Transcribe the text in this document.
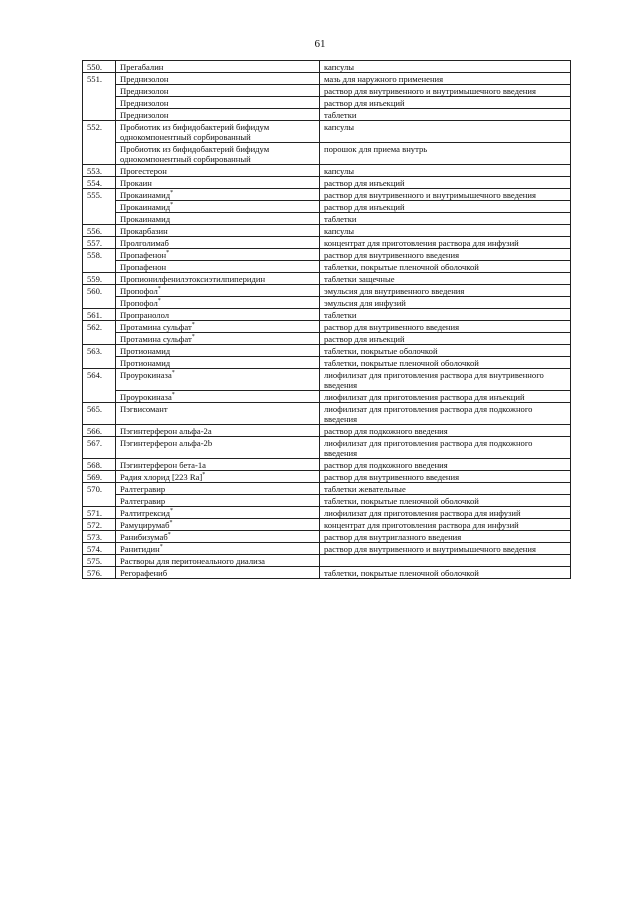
61
550.	Прегабалин	капсулы
551.	Преднизолон	мазь для наружного применения
	Преднизолон	раствор для внутривенного и внутримышечного введения
	Преднизолон	раствор для инъекций
	Преднизолон	таблетки
552.	Пробиотик из бифидобактерий бифидум однокомпонентный сорбированный	капсулы
	Пробиотик из бифидобактерий бифидум однокомпонентный сорбированный	порошок для приема внутрь
553.	Прогестерон	капсулы
554.	Прокаин	раствор для инъекций
555.	Прокаинамид*	раствор для внутривенного и внутримышечного введения
	Прокаинамид*	раствор для инъекций
	Прокаинамид	таблетки
556.	Прокарбазин	капсулы
557.	Пролголимаб	концентрат для приготовления раствора для инфузий
558.	Пропафенон*	раствор для внутривенного введения
	Пропафенон	таблетки, покрытые пленочной оболочкой
559.	Пропионилфенилэтоксиэтилпиперидин	таблетки защечные
560.	Пропофол*	эмульсия для внутривенного введения
	Пропофол*	эмульсия для инфузий
561.	Пропранолол	таблетки
562.	Протамина сульфат*	раствор для внутривенного введения
	Протамина сульфат*	раствор для инъекций
563.	Протионамид	таблетки, покрытые оболочкой
	Протионамид	таблетки, покрытые пленочной оболочкой
564.	Проурокиназа*	лиофилизат для приготовления раствора для внутривенного введения
	Проурокиназа*	лиофилизат для приготовления раствора для инъекций
565.	Пэгвисомант	лиофилизат для приготовления раствора для подкожного введения
566.	Пэгинтерферон альфа-2а	раствор для подкожного введения
567.	Пэгинтерферон альфа-2b	лиофилизат для приготовления раствора для подкожного введения
568.	Пэгинтерферон бета-1а	раствор для подкожного введения
569.	Радия хлорид [223 Ra]*	раствор для внутривенного введения
570.	Ралтегравир	таблетки жевательные
	Ралтегравир	таблетки, покрытые пленочной оболочкой
571.	Ралтитрексид*	лиофилизат для приготовления раствора для инфузий
572.	Рамуцирумаб*	концентрат для приготовления раствора для инфузий
573.	Ранибизумаб*	раствор для внутриглазного введения
574.	Ранитидин*	раствор для внутривенного и внутримышечного введения
575.	Растворы для перитонеального диализа	
576.	Регорафениб	таблетки, покрытые пленочной оболочкой
